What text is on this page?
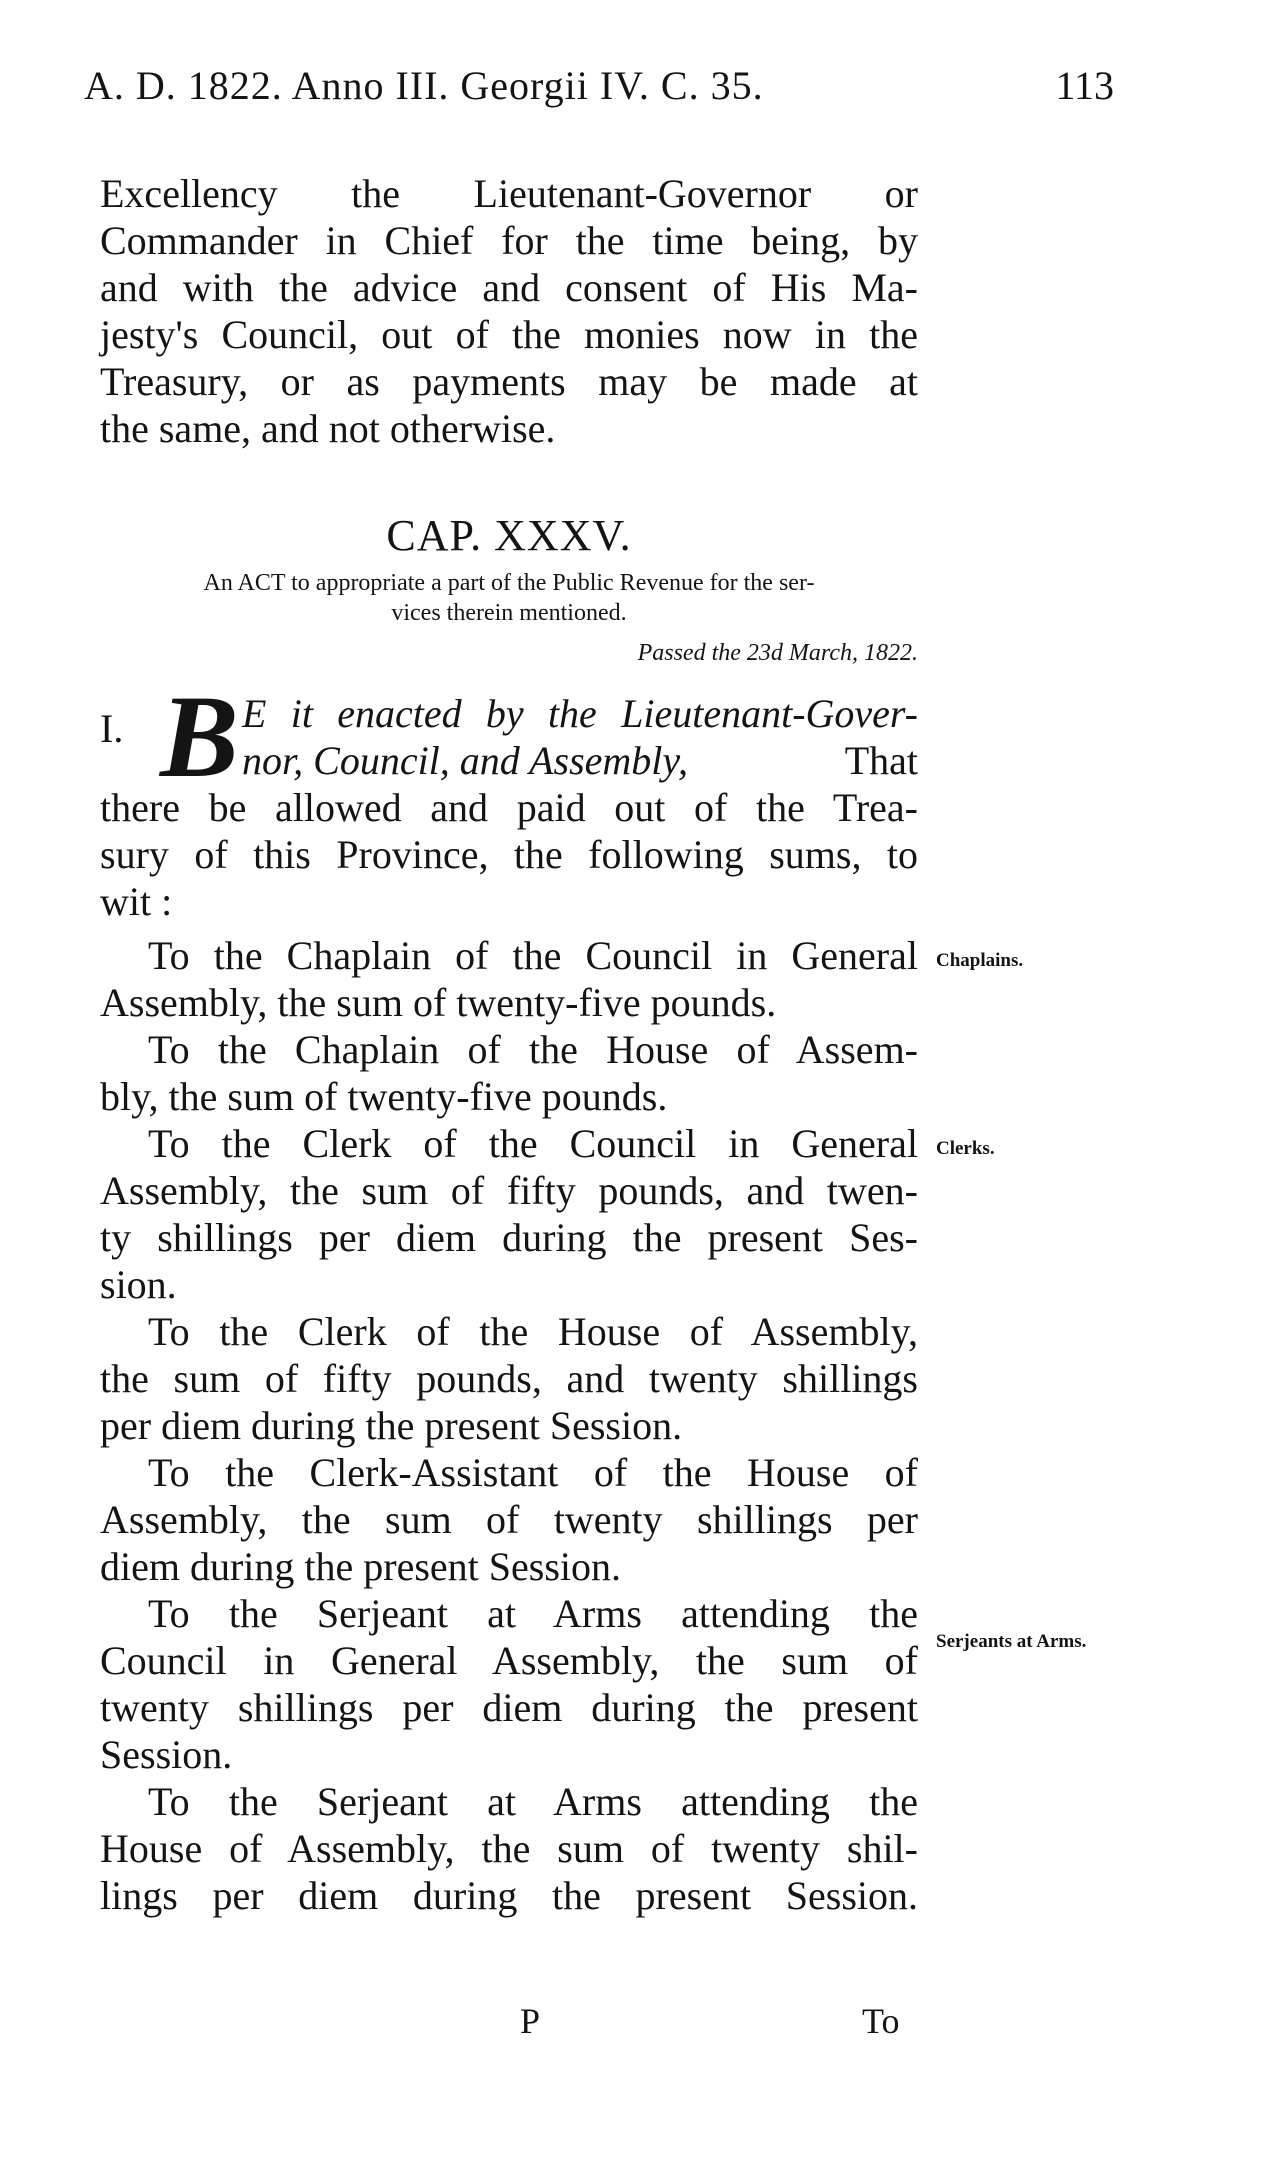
A. D. 1822. Anno III. Georgii IV. C. 35.	113
Excellency the Lieutenant-Governor or
Commander in Chief for the time being, by
and with the advice and consent of His Ma-
jesty's Council, out of the monies now in the
Treasury, or as payments may be made at
the same, and not otherwise.
CAP. XXXV.
An ACT to appropriate a part of the Public Revenue for the ser-
vices therein mentioned.
Passed the 23d March, 1822.
I. B E it enacted by the Lieutenant-Gover-
nor, Council, and Assembly,	That
there be allowed and paid out of the Trea-
sury of this Province, the following sums, to
wit :
To the Chaplain of the Council in General
Assembly, the sum of twenty-five pounds.
To the Chaplain of the House of Assem-
bly, the sum of twenty-five pounds.
To the Clerk of the Council in General
Assembly, the sum of fifty pounds, and twen-
ty shillings per diem during the present Ses-
sion.
To the Clerk of the House of Assembly,
the sum of fifty pounds, and twenty shillings
per diem during the present Session.
To the Clerk-Assistant of the House of
Assembly, the sum of twenty shillings per
diem during the present Session.
To the Serjeant at Arms attending the
Council in General Assembly, the sum of
twenty shillings per diem during the present
Session.
To the Serjeant at Arms attending the
House of Assembly, the sum of twenty shil-
lings per diem during the present Session.
Chaplains.
Clerks.
Serjeants at Arms.
P	To
